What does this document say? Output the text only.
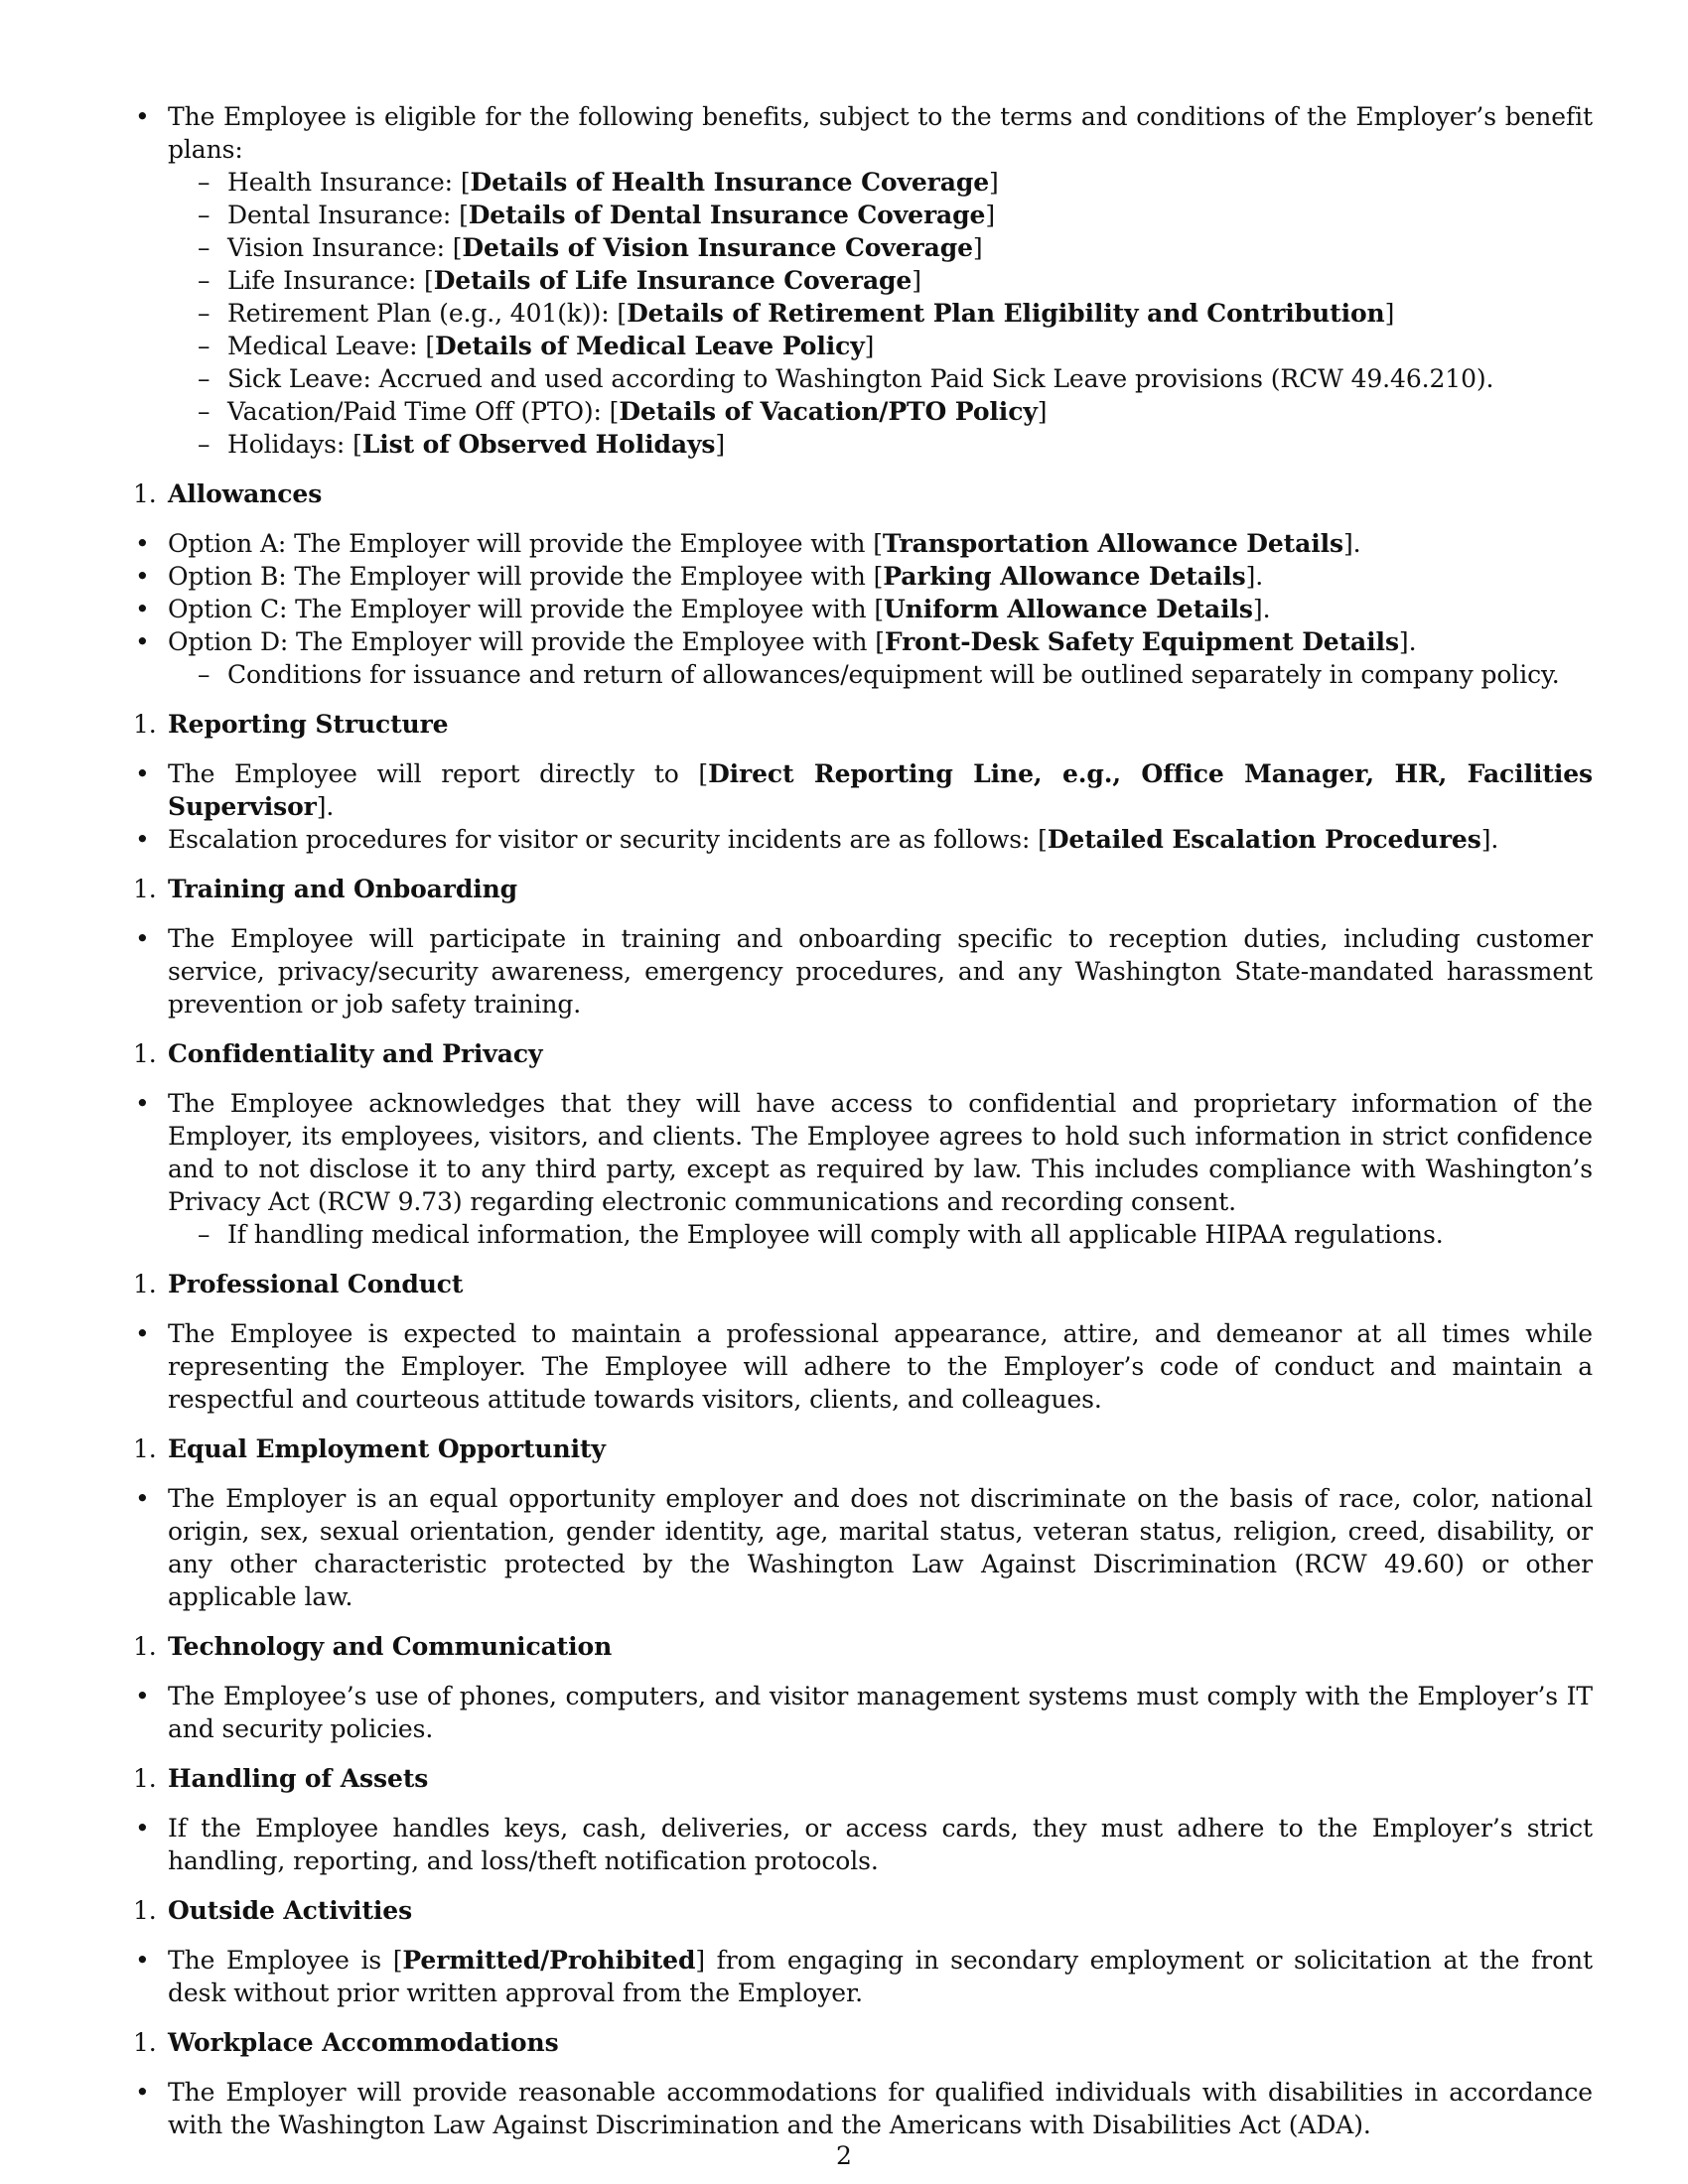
• The Employee is eligible for the following benefits, subject to the terms and conditions of the Employer’s benefit plans:
– Health Insurance: [Details of Health Insurance Coverage]
– Dental Insurance: [Details of Dental Insurance Coverage]
– Vision Insurance: [Details of Vision Insurance Coverage]
– Life Insurance: [Details of Life Insurance Coverage]
– Retirement Plan (e.g., 401(k)): [Details of Retirement Plan Eligibility and Contribution]
– Medical Leave: [Details of Medical Leave Policy]
– Sick Leave: Accrued and used according to Washington Paid Sick Leave provisions (RCW 49.46.210).
– Vacation/Paid Time Off (PTO): [Details of Vacation/PTO Policy]
– Holidays: [List of Observed Holidays]
1. Allowances
• Option A: The Employer will provide the Employee with [Transportation Allowance Details].
• Option B: The Employer will provide the Employee with [Parking Allowance Details].
• Option C: The Employer will provide the Employee with [Uniform Allowance Details].
• Option D: The Employer will provide the Employee with [Front-Desk Safety Equipment Details].
– Conditions for issuance and return of allowances/equipment will be outlined separately in company policy.
1. Reporting Structure
• The Employee will report directly to [Direct Reporting Line, e.g., Office Manager, HR, Facilities Supervisor].
• Escalation procedures for visitor or security incidents are as follows: [Detailed Escalation Procedures].
1. Training and Onboarding
• The Employee will participate in training and onboarding specific to reception duties, including customer service, privacy/security awareness, emergency procedures, and any Washington State-mandated harassment prevention or job safety training.
1. Confidentiality and Privacy
• The Employee acknowledges that they will have access to confidential and proprietary information of the Employer, its employees, visitors, and clients. The Employee agrees to hold such information in strict confidence and to not disclose it to any third party, except as required by law. This includes compliance with Washington’s Privacy Act (RCW 9.73) regarding electronic communications and recording consent.
– If handling medical information, the Employee will comply with all applicable HIPAA regulations.
1. Professional Conduct
• The Employee is expected to maintain a professional appearance, attire, and demeanor at all times while representing the Employer. The Employee will adhere to the Employer’s code of conduct and maintain a respectful and courteous attitude towards visitors, clients, and colleagues.
1. Equal Employment Opportunity
• The Employer is an equal opportunity employer and does not discriminate on the basis of race, color, national origin, sex, sexual orientation, gender identity, age, marital status, veteran status, religion, creed, disability, or any other characteristic protected by the Washington Law Against Discrimination (RCW 49.60) or other applicable law.
1. Technology and Communication
• The Employee’s use of phones, computers, and visitor management systems must comply with the Employer’s IT and security policies.
1. Handling of Assets
• If the Employee handles keys, cash, deliveries, or access cards, they must adhere to the Employer’s strict handling, reporting, and loss/theft notification protocols.
1. Outside Activities
• The Employee is [Permitted/Prohibited] from engaging in secondary employment or solicitation at the front desk without prior written approval from the Employer.
1. Workplace Accommodations
• The Employer will provide reasonable accommodations for qualified individuals with disabilities in accordance with the Washington Law Against Discrimination and the Americans with Disabilities Act (ADA).
2
